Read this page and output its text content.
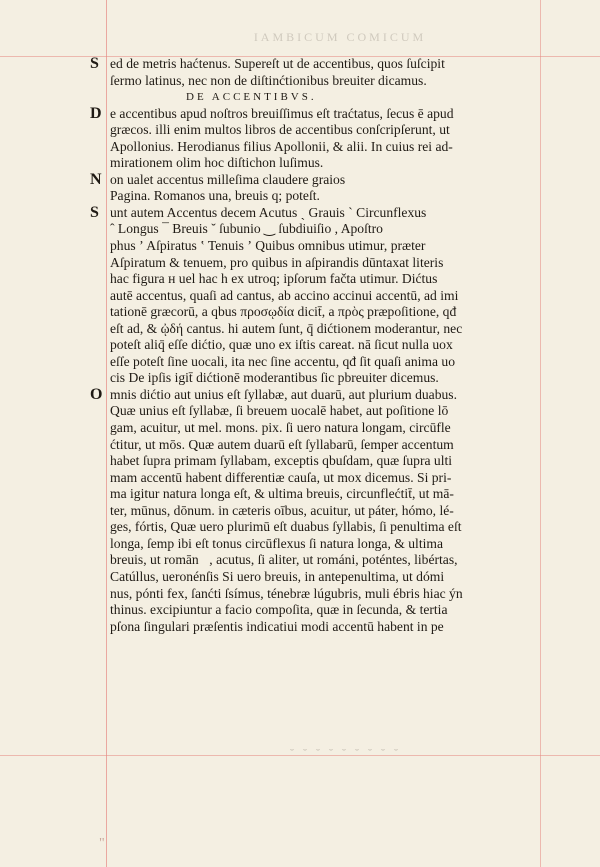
IAMBICUM COMICUM
S ed de metris haćtenus. Supereſt ut de accentibus, quos ſuſcipit
ſermo latinus, nec non de diſtinćtionibus breuiter dicamus.
DE ACCENTIBVS.
D e accentibus apud noſtros breuiſſimus eſt traćtatus, ſecus ē apud
græcos. illi enim multos libros de accentibus conſcripſerunt, ut
Apollonius. Herodianus filius Apollonii, & alii. In cuius rei ad-
mirationem olim hoc diſtichon luſimus.
N on ualet accentus milleſima claudere graios
Pagina. Romanos una, breuis q; poteſt.
S unt autem Accentus decem Acutus ˏ Grauis ˋ Circunflexus
ˆ Longus ¯ Breuis ˘ ſubunio ‿ ſubdiuiſio , Apoſtro
phus ʼ Aſpiratus ʽ Tenuis ʼ Quibus omnibus utimur, præter
Aſpiratum & tenuem, pro quibus in aſpirandis dūntaxat literis
hac figura ʜ uel hac h ex utroq; ipſorum fačta utimur. Dićtus
autē accentus, quaſi ad cantus, ab accino accinui accentū, ad imi
tationē græcorū, a qbus προσῳδία dicit̄, a πρὸς præpoſitione, qđ
eſt ad, & ᾠδή cantus. hi autem ſunt, q̄ dićtionem moderantur, nec
poteſt aliq̄ eſſe dićtio, quæ uno ex iſtis careat. nā ſicut nulla uox
eſſe poteſt ſine uocali, ita nec ſine accentu, qđ ſit quaſi anima uo
cis De ipſis igit̄ dićtionē moderantibus ſic pbreuiter dicemus.
O mnis dićtio aut unius eſt ſyllabæ, aut duarū, aut plurium duabus.
Quæ unius eſt ſyllabæ, ſi breuem uocalē habet, aut poſitione lō
gam, acuitur, ut mel. mons. pix. ſi uero natura longam, circūfle
ćtitur, ut mōs. Quæ autem duarū eſt ſyllabarū, ſemper accentum
habet ſupra primam ſyllabam, exceptis qbuſdam, quæ ſupra ulti
mam accentū habent differentiæ cauſa, ut mox dicemus. Si pri-
ma igitur natura longa eſt, & ultima breuis, circunflećtit̄, ut mā-
ter, mūnus, dōnum. in cæteris oībus, acuitur, ut páter, hómo, lé-
ges, fórtis, Quæ uero plurimū eſt duabus ſyllabis, ſi penultima eſt
longa, ſemp ibi eſt tonus circūflexus ſi natura longa, & ultima
breuis, ut romān᷒, acutus, ſi aliter, ut románi, poténtes, libértas,
Catúllus, ueronénſis Si uero breuis, in antepenultima, ut dómi
nus, pónti fex, ſanćti ſsímus, ténebræ lúgubris, muli ébris hiac ýn
thinus. excipiuntur a facio compoſita, quæ in ſecunda, & tertia
pſona ſingulari præſentis indicatiui modi accentū habent in pe
˘ ˘ ˘ ˘ ˘ ˘ ˘ ˘ ˘
"
